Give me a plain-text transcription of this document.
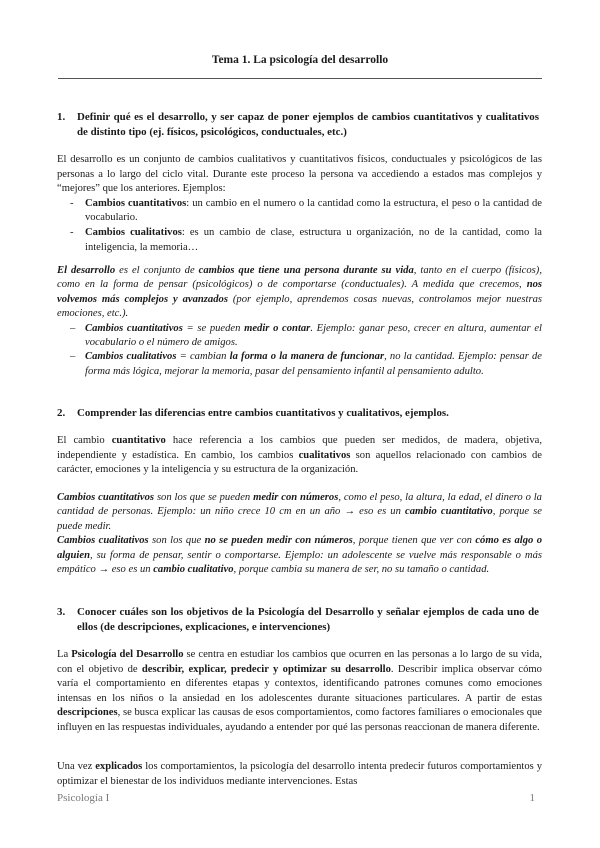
Tema 1. La psicología del desarrollo
1. Definir qué es el desarrollo, y ser capaz de poner ejemplos de cambios cuantitativos y cualitativos de distinto tipo (ej. físicos, psicológicos, conductuales, etc.)

El desarrollo es un conjunto de cambios cualitativos y cuantitativos físicos, conductuales y psicológicos de las personas a lo largo del ciclo vital. Durante este proceso la persona va accediendo a estados mas complejos y “mejores” que los anteriores. Ejemplos:

- Cambios cuantitativos: un cambio en el numero o la cantidad como la estructura, el peso o la cantidad de vocabulario.
- Cambios cualitativos: es un cambio de clase, estructura u organización, no de la cantidad, como la inteligencia, la memoria…

El desarrollo es el conjunto de cambios que tiene una persona durante su vida, tanto en el cuerpo (físicos), como en la forma de pensar (psicológicos) o de comportarse (conductuales). A medida que crecemos, nos volvemos más complejos y avanzados (por ejemplo, aprendemos cosas nuevas, controlamos mejor nuestras emociones, etc.).

– Cambios cuantitativos = se pueden medir o contar. Ejemplo: ganar peso, crecer en altura, aumentar el vocabulario o el número de amigos.
– Cambios cualitativos = cambian la forma o la manera de funcionar, no la cantidad. Ejemplo: pensar de forma más lógica, mejorar la memoria, pasar del pensamiento infantil al pensamiento adulto.
2. Comprender las diferencias entre cambios cuantitativos y cualitativos, ejemplos.

El cambio cuantitativo hace referencia a los cambios que pueden ser medidos, de madera, objetiva, independiente y estadística. En cambio, los cambios cualitativos son aquellos relacionado con cambios de carácter, emociones y la inteligencia y su estructura de la organización.

Cambios cuantitativos son los que se pueden medir con números, como el peso, la altura, la edad, el dinero o la cantidad de personas. Ejemplo: un niño crece 10 cm en un año → eso es un cambio cuantitativo, porque se puede medir.

Cambios cualitativos son los que no se pueden medir con números, porque tienen que ver con cómo es algo o alguien, su forma de pensar, sentir o comportarse. Ejemplo: un adolescente se vuelve más responsable o más empático → eso es un cambio cualitativo, porque cambia su manera de ser, no su tamaño o cantidad.

3. Conocer cuáles son los objetivos de la Psicología del Desarrollo y señalar ejemplos de cada uno de ellos (de descripciones, explicaciones, e intervenciones)

La Psicología del Desarrollo se centra en estudiar los cambios que ocurren en las personas a lo largo de su vida, con el objetivo de describir, explicar, predecir y optimizar su desarrollo. Describir implica observar cómo varía el comportamiento en diferentes etapas y contextos, identificando patrones comunes como emociones intensas en los niños o la ansiedad en los adolescentes durante situaciones particulares. A partir de estas descripciones, se busca explicar las causas de esos comportamientos, como factores familiares o emocionales que influyen en las respuestas individuales, ayudando a entender por qué las personas reaccionan de manera diferente.

Una vez explicados los comportamientos, la psicología del desarrollo intenta predecir futuros comportamientos y optimizar el bienestar de los individuos mediante intervenciones. Estas

Psicología I	1
